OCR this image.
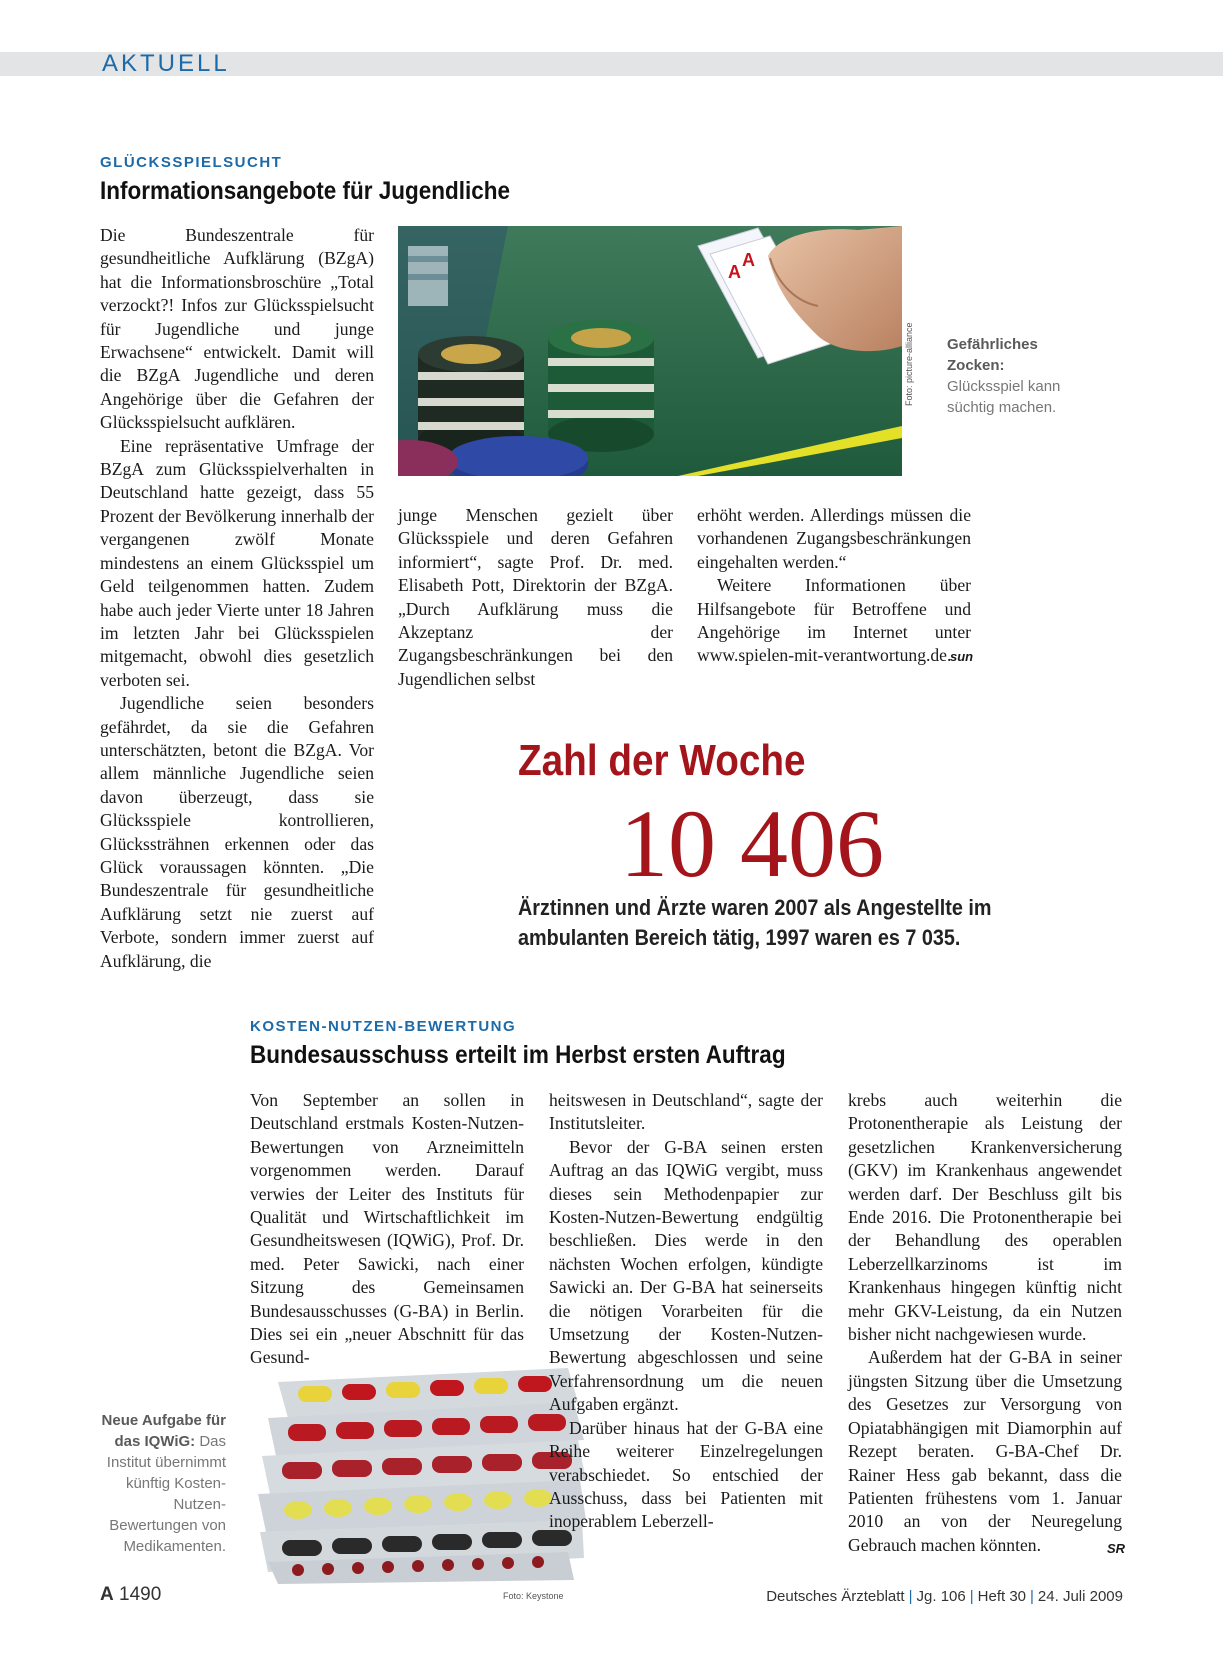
AKTUELL
GLÜCKSSPIELSUCHT
Informationsangebote für Jugendliche

Die Bundeszentrale für gesundheitliche Aufklärung (BZgA) hat die Informationsbroschüre „Total verzockt?! Infos zur Glücksspielsucht für Jugendliche und junge Erwachsene“ entwickelt. Damit will die BZgA Jugendliche und deren Angehörige über die Gefahren der Glücksspielsucht aufklären.

Eine repräsentative Umfrage der BZgA zum Glücksspielverhalten in Deutschland hatte gezeigt, dass 55 Prozent der Bevölkerung innerhalb der vergangenen zwölf Monate mindestens an einem Glücksspiel um Geld teilgenommen hatten. Zudem habe auch jeder Vierte unter 18 Jahren im letzten Jahr bei Glücksspielen mitgemacht, obwohl dies gesetzlich verboten sei.

Jugendliche seien besonders gefährdet, da sie die Gefahren unterschätzten, betont die BZgA. Vor allem männliche Jugendliche seien davon überzeugt, dass sie Glücksspiele kontrollieren, Glückssträhnen erkennen oder das Glück voraussagen könnten. „Die Bundeszentrale für gesundheitliche Aufklärung setzt nie zuerst auf Verbote, sondern immer zuerst auf Aufklärung, die

A
A
Foto: picture-alliance Gefährliches Zocken: Glücksspiel kann süchtig machen.

junge Menschen gezielt über Glücksspiele und deren Gefahren informiert“, sagte Prof. Dr. med. Elisabeth Pott, Direktorin der BZgA. „Durch Aufklärung muss die Akzeptanz der Zugangsbeschränkungen bei den Jugendlichen selbst

erhöht werden. Allerdings müssen die vorhandenen Zugangsbeschränkungen eingehalten werden.“

Weitere Informationen über Hilfsangebote für Betroffene und Angehörige im Internet unter www.spielen-mit-verantwortung.de.

sun
Zahl der Woche
10 406
Ärztinnen und Ärzte waren 2007 als Angestellte im ambulanten Bereich tätig, 1997 waren es 7 035.
KOSTEN-NUTZEN-BEWERTUNG
Bundesausschuss erteilt im Herbst ersten Auftrag

Von September an sollen in Deutschland erstmals Kosten-Nutzen-Bewertungen von Arzneimitteln vorgenommen werden. Darauf verwies der Leiter des Instituts für Qualität und Wirtschaftlichkeit im Gesundheitswesen (IQWiG), Prof. Dr. med. Peter Sawicki, nach einer Sitzung des Gemeinsamen Bundesausschusses (G-BA) in Berlin. Dies sei ein „neuer Abschnitt für das Gesund-

Foto: Keystone
Neue Aufgabe für das IQWiG: Das Institut übernimmt künftig Kosten-Nutzen-Bewertungen von Medikamenten.

heitswesen in Deutschland“, sagte der Institutsleiter.

Bevor der G-BA seinen ersten Auftrag an das IQWiG vergibt, muss dieses sein Methodenpapier zur Kosten-Nutzen-Bewertung endgültig beschließen. Dies werde in den nächsten Wochen erfolgen, kündigte Sawicki an. Der G-BA hat seinerseits die nötigen Vorarbeiten für die Umsetzung der Kosten-Nutzen-Bewertung abgeschlossen und seine Verfahrensordnung um die neuen Aufgaben ergänzt.

Darüber hinaus hat der G-BA eine Reihe weiterer Einzelregelungen verabschiedet. So entschied der Ausschuss, dass bei Patienten mit inoperablem Leberzell-

krebs auch weiterhin die Protonentherapie als Leistung der gesetzlichen Krankenversicherung (GKV) im Krankenhaus angewendet werden darf. Der Beschluss gilt bis Ende 2016. Die Protonentherapie bei der Behandlung des operablen Leberzellkarzinoms ist im Krankenhaus hingegen künftig nicht mehr GKV-Leistung, da ein Nutzen bisher nicht nachgewiesen wurde.

Außerdem hat der G-BA in seiner jüngsten Sitzung über die Umsetzung des Gesetzes zur Versorgung von Opiatabhängigen mit Diamorphin auf Rezept beraten. G-BA-Chef Dr. Rainer Hess gab bekannt, dass die Patienten frühestens vom 1. Januar 2010 an von der Neuregelung Gebrauch machen könnten.	SR
A 1490	Deutsches Ärzteblatt | Jg. 106 | Heft 30 | 24. Juli 2009
